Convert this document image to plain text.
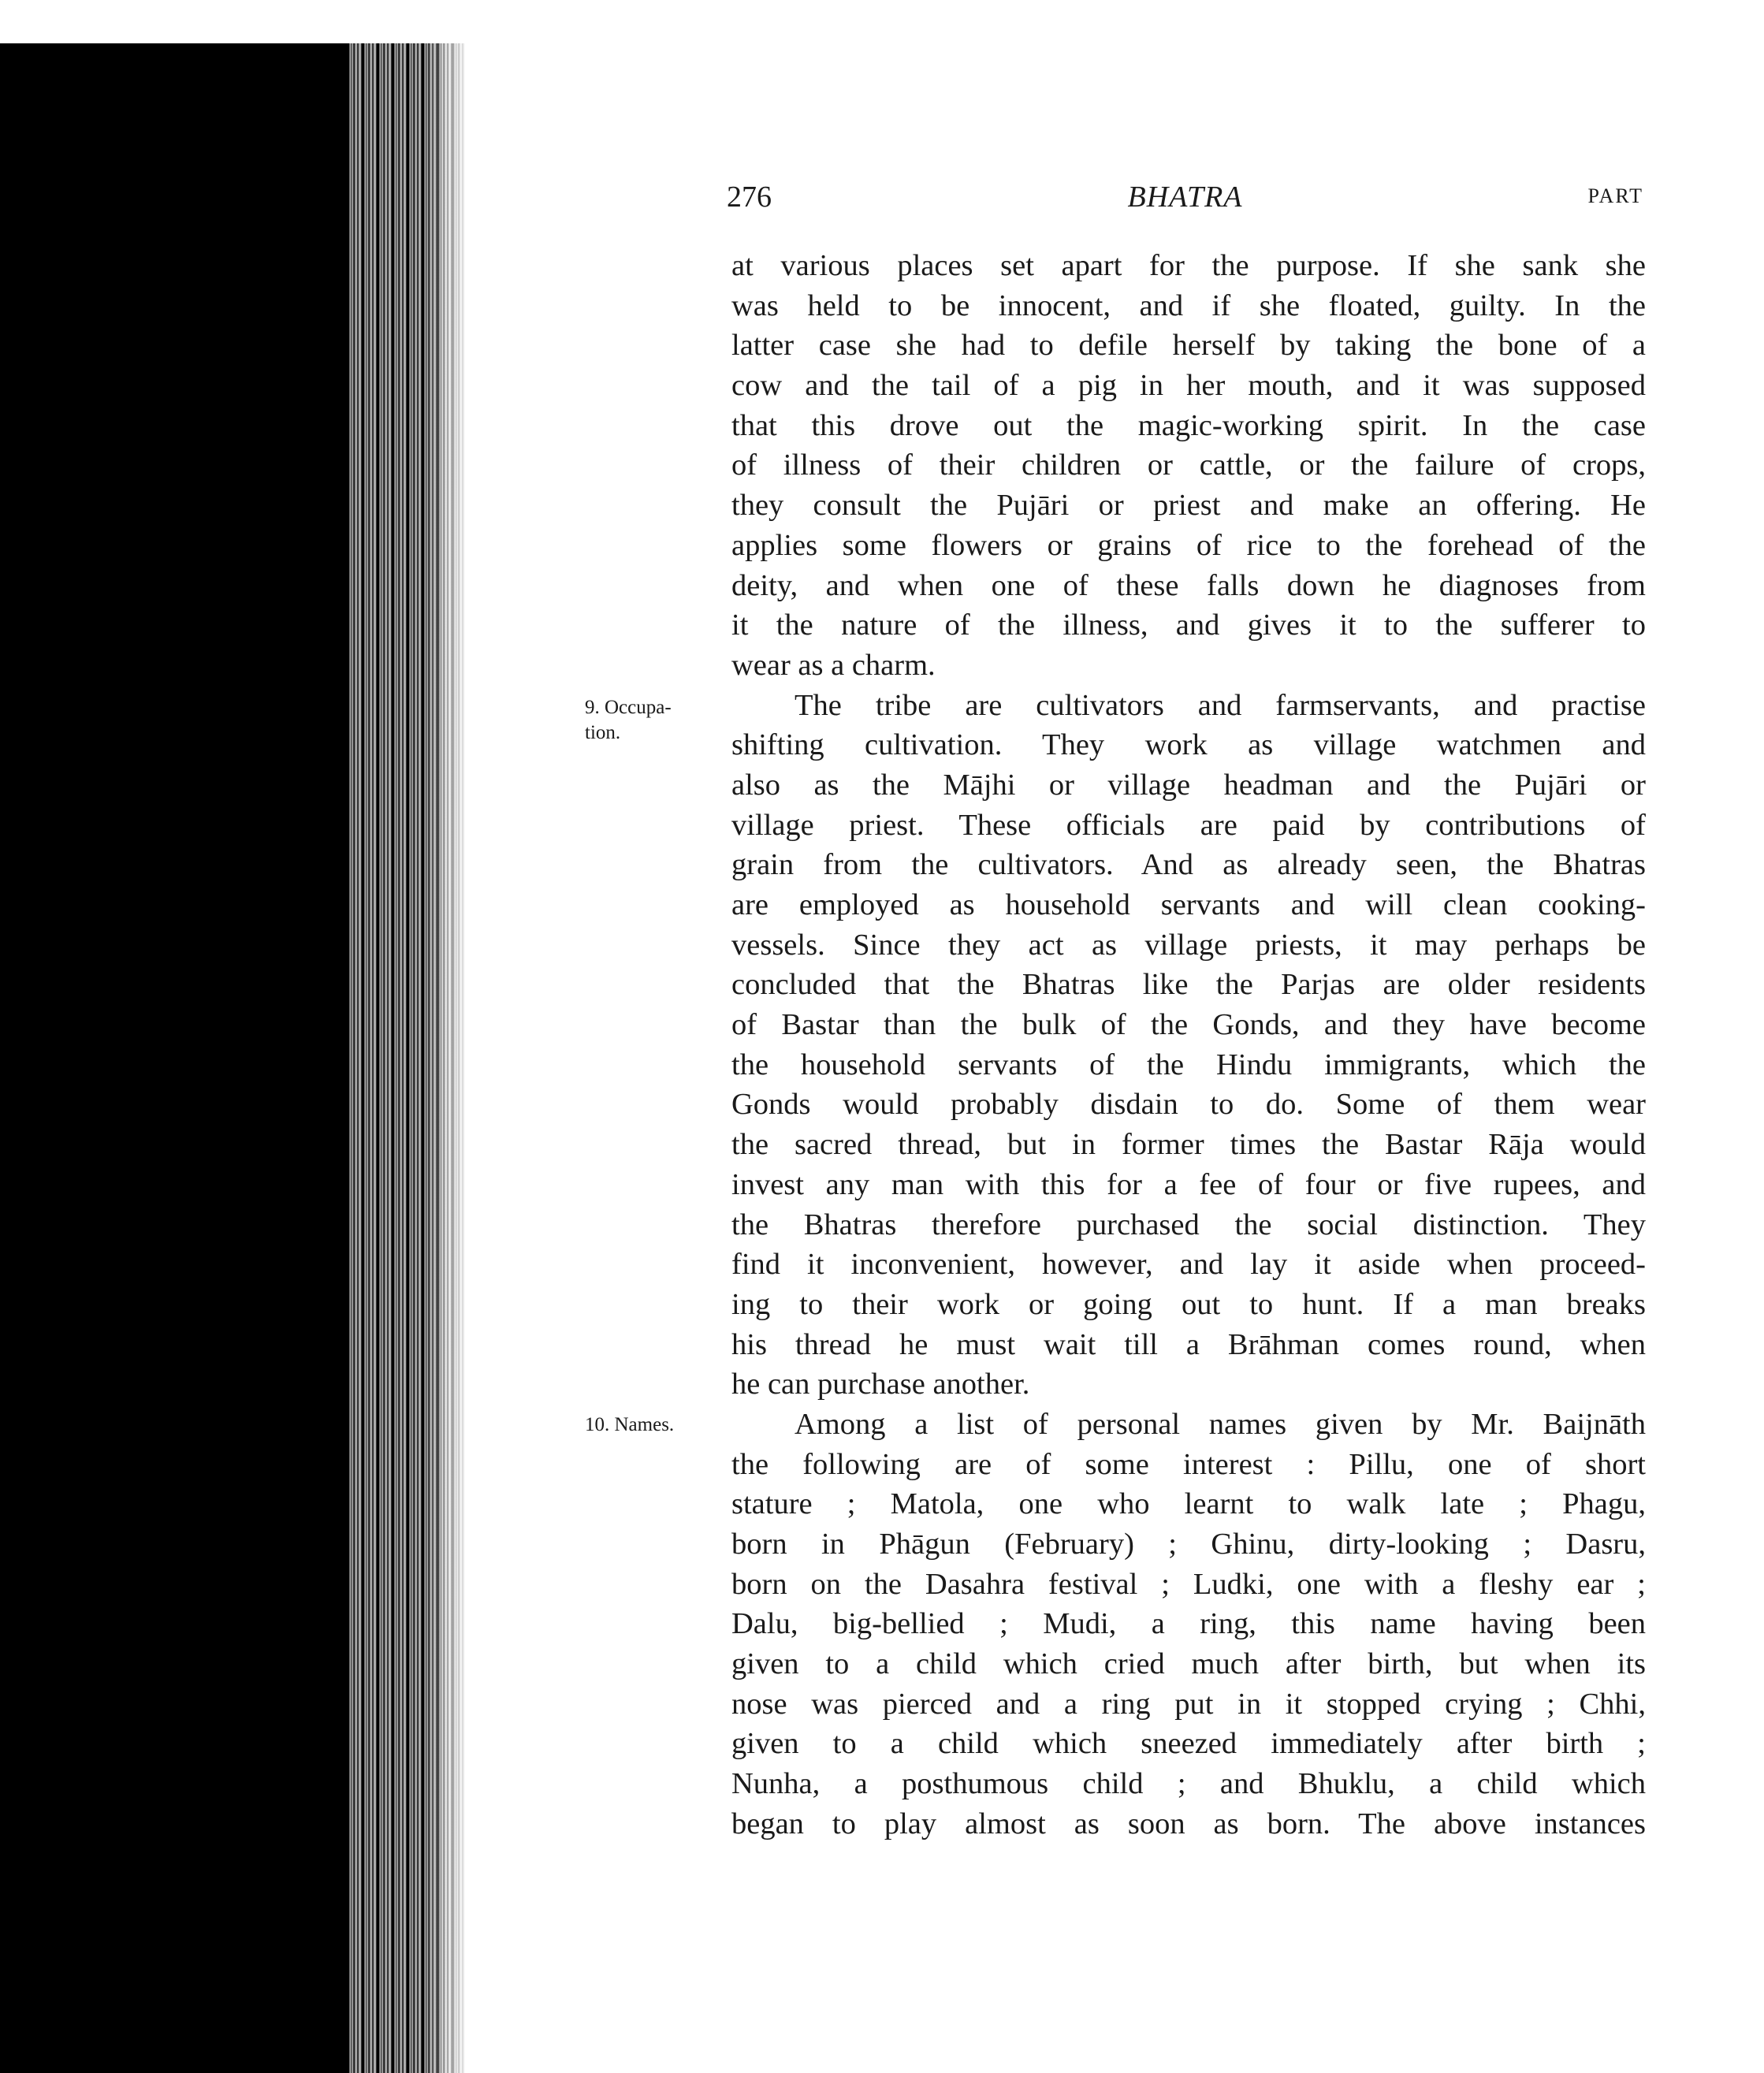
276	BHATRA	PART
9. Occupa-
tion.
10. Names.
at various places set apart for the purpose. If she sank she
was held to be innocent, and if she floated, guilty. In the
latter case she had to defile herself by taking the bone of a
cow and the tail of a pig in her mouth, and it was supposed
that this drove out the magic-working spirit. In the case
of illness of their children or cattle, or the failure of crops,
they consult the Pujāri or priest and make an offering. He
applies some flowers or grains of rice to the forehead of the
deity, and when one of these falls down he diagnoses from
it the nature of the illness, and gives it to the sufferer to
wear as a charm.
The tribe are cultivators and farmservants, and practise
shifting cultivation. They work as village watchmen and
also as the Mājhi or village headman and the Pujāri or
village priest. These officials are paid by contributions of
grain from the cultivators. And as already seen, the Bhatras
are employed as household servants and will clean cooking-
vessels. Since they act as village priests, it may perhaps be
concluded that the Bhatras like the Parjas are older residents
of Bastar than the bulk of the Gonds, and they have become
the household servants of the Hindu immigrants, which the
Gonds would probably disdain to do. Some of them wear
the sacred thread, but in former times the Bastar Rāja would
invest any man with this for a fee of four or five rupees, and
the Bhatras therefore purchased the social distinction. They
find it inconvenient, however, and lay it aside when proceed-
ing to their work or going out to hunt. If a man breaks
his thread he must wait till a Brāhman comes round, when
he can purchase another.
Among a list of personal names given by Mr. Baijnāth
the following are of some interest : Pillu, one of short
stature ; Matola, one who learnt to walk late ; Phagu,
born in Phāgun (February) ; Ghinu, dirty-looking ; Dasru,
born on the Dasahra festival ; Ludki, one with a fleshy ear ;
Dalu, big-bellied ; Mudi, a ring, this name having been
given to a child which cried much after birth, but when its
nose was pierced and a ring put in it stopped crying ; Chhi,
given to a child which sneezed immediately after birth ;
Nunha, a posthumous child ; and Bhuklu, a child which
began to play almost as soon as born. The above instances
